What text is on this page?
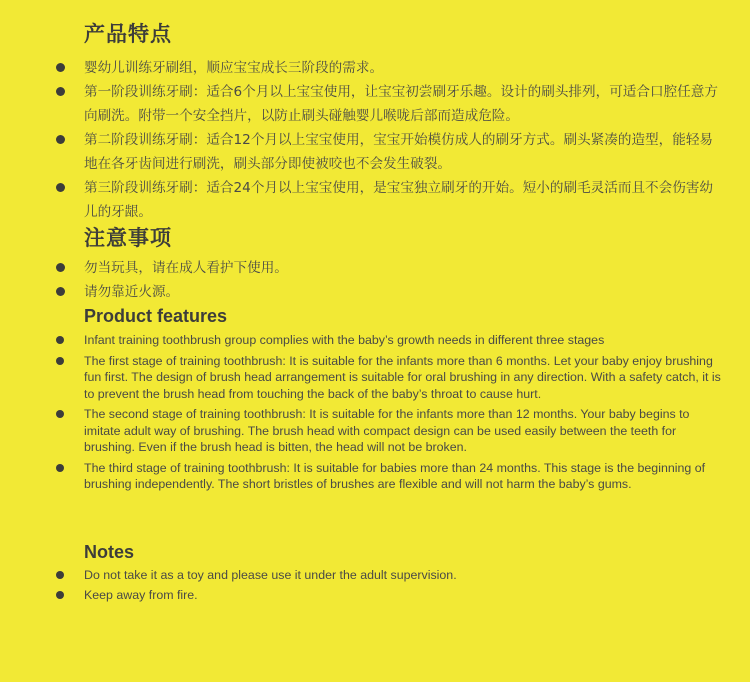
产品特点
婴幼儿训练牙刷组，顺应宝宝成长三阶段的需求。
第一阶段训练牙刷：适合6个月以上宝宝使用，让宝宝初尝刷牙乐趣。设计的刷头排列，可适合口腔任意方向刷洗。附带一个安全挡片，以防止刷头碰触婴儿喉咙后部而造成危险。
第二阶段训练牙刷：适合12个月以上宝宝使用，宝宝开始模仿成人的刷牙方式。刷头紧凑的造型，能轻易地在各牙齿间进行刷洗，刷头部分即使被咬也不会发生破裂。
第三阶段训练牙刷：适合24个月以上宝宝使用，是宝宝独立刷牙的开始。短小的刷毛灵活而且不会伤害幼儿的牙龈。
注意事项
勿当玩具，请在成人看护下使用。
请勿靠近火源。
Product features
Infant training toothbrush group complies with the baby’s growth needs in different three stages
The first stage of training toothbrush: It is suitable for the infants more than 6 months. Let your baby enjoy brushing fun first. The design of brush head arrangement is suitable for oral brushing in any direction. With a safety catch, it is to prevent the brush head from touching the back of the baby’s throat to cause hurt.
The second stage of training toothbrush: It is suitable for the infants more than 12 months. Your baby begins to imitate adult way of brushing. The brush head with compact design can be used easily between the teeth for brushing. Even if the brush head is bitten, the head will not be broken.
The third stage of training toothbrush: It is suitable for babies more than 24 months. This stage is the beginning of brushing independently. The short bristles of brushes are flexible and will not harm the baby’s gums.
Notes
Do not take it as a toy and please use it under the adult supervision.
Keep away from fire.
